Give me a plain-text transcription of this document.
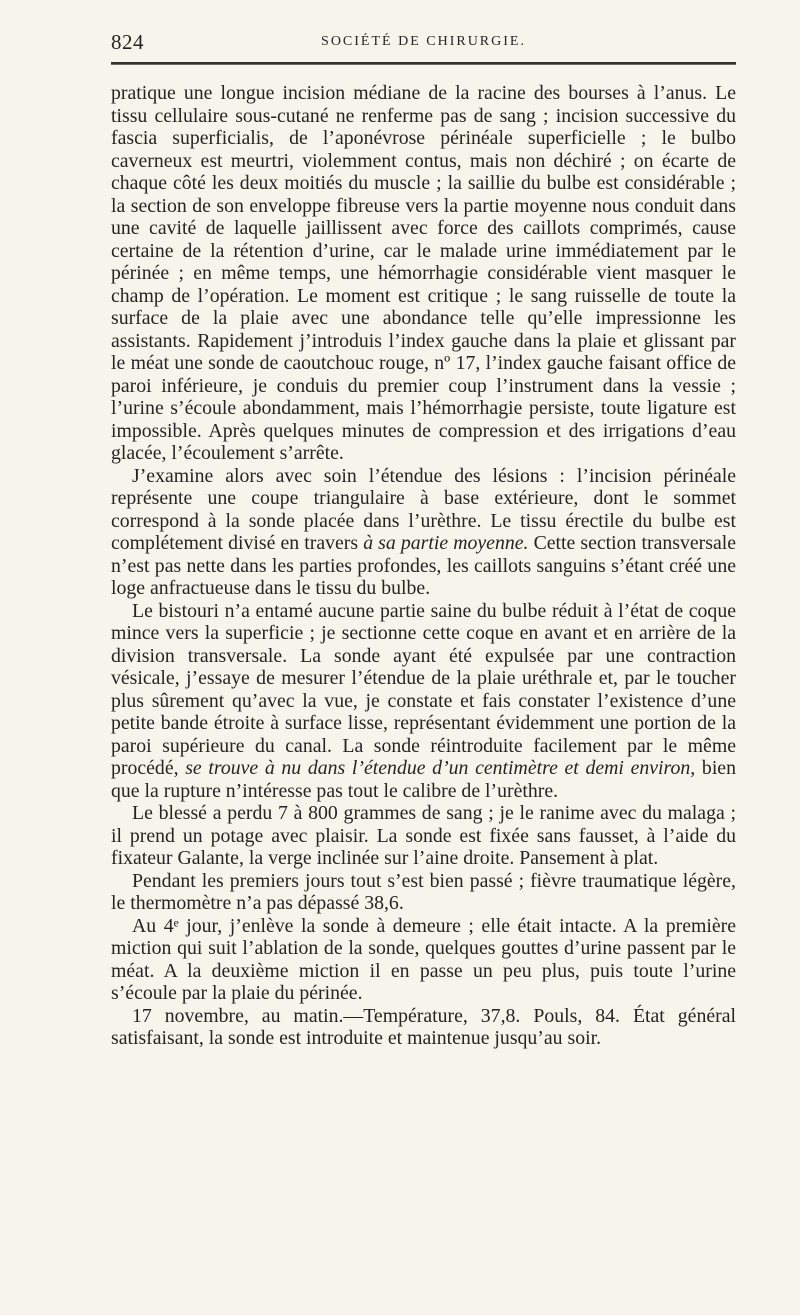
824	SOCIÉTÉ DE CHIRURGIE.

pratique une longue incision médiane de la racine des bourses à l’anus. Le tissu cellulaire sous-cutané ne renferme pas de sang ; incision successive du fascia superficialis, de l’aponévrose périnéale superficielle ; le bulbo caverneux est meurtri, violemment contus, mais non déchiré ; on écarte de chaque côté les deux moitiés du muscle ; la saillie du bulbe est considérable ; la section de son enveloppe fibreuse vers la partie moyenne nous conduit dans une cavité de laquelle jaillissent avec force des caillots comprimés, cause certaine de la rétention d’urine, car le malade urine immédiatement par le périnée ; en même temps, une hémorrhagie considérable vient masquer le champ de l’opération. Le moment est critique ; le sang ruisselle de toute la surface de la plaie avec une abondance telle qu’elle impressionne les assistants. Rapidement j’introduis l’index gauche dans la plaie et glissant par le méat une sonde de caoutchouc rouge, nº 17, l’index gauche faisant office de paroi inférieure, je conduis du premier coup l’instrument dans la vessie ; l’urine s’écoule abondamment, mais l’hémorrhagie persiste, toute ligature est impossible. Après quelques minutes de compression et des irrigations d’eau glacée, l’écoulement s’arrête.

J’examine alors avec soin l’étendue des lésions : l’incision périnéale représente une coupe triangulaire à base extérieure, dont le sommet correspond à la sonde placée dans l’urèthre. Le tissu érectile du bulbe est complétement divisé en travers à sa partie moyenne. Cette section transversale n’est pas nette dans les parties profondes, les caillots sanguins s’étant créé une loge anfractueuse dans le tissu du bulbe.

Le bistouri n’a entamé aucune partie saine du bulbe réduit à l’état de coque mince vers la superficie ; je sectionne cette coque en avant et en arrière de la division transversale. La sonde ayant été expulsée par une contraction vésicale, j’essaye de mesurer l’étendue de la plaie uréthrale et, par le toucher plus sûrement qu’avec la vue, je constate et fais constater l’existence d’une petite bande étroite à surface lisse, représentant évidemment une portion de la paroi supérieure du canal. La sonde réintroduite facilement par le même procédé, se trouve à nu dans l’étendue d’un centimètre et demi environ, bien que la rupture n’intéresse pas tout le calibre de l’urèthre.

Le blessé a perdu 7 à 800 grammes de sang ; je le ranime avec du malaga ; il prend un potage avec plaisir. La sonde est fixée sans fausset, à l’aide du fixateur Galante, la verge inclinée sur l’aine droite. Pansement à plat.

Pendant les premiers jours tout s’est bien passé ; fièvre traumatique légère, le thermomètre n’a pas dépassé 38,6.

Au 4ᵉ jour, j’enlève la sonde à demeure ; elle était intacte. A la première miction qui suit l’ablation de la sonde, quelques gouttes d’urine passent par le méat. A la deuxième miction il en passe un peu plus, puis toute l’urine s’écoule par la plaie du périnée.

17 novembre, au matin.—Température, 37,8. Pouls, 84. État général satisfaisant, la sonde est introduite et maintenue jusqu’au soir.
